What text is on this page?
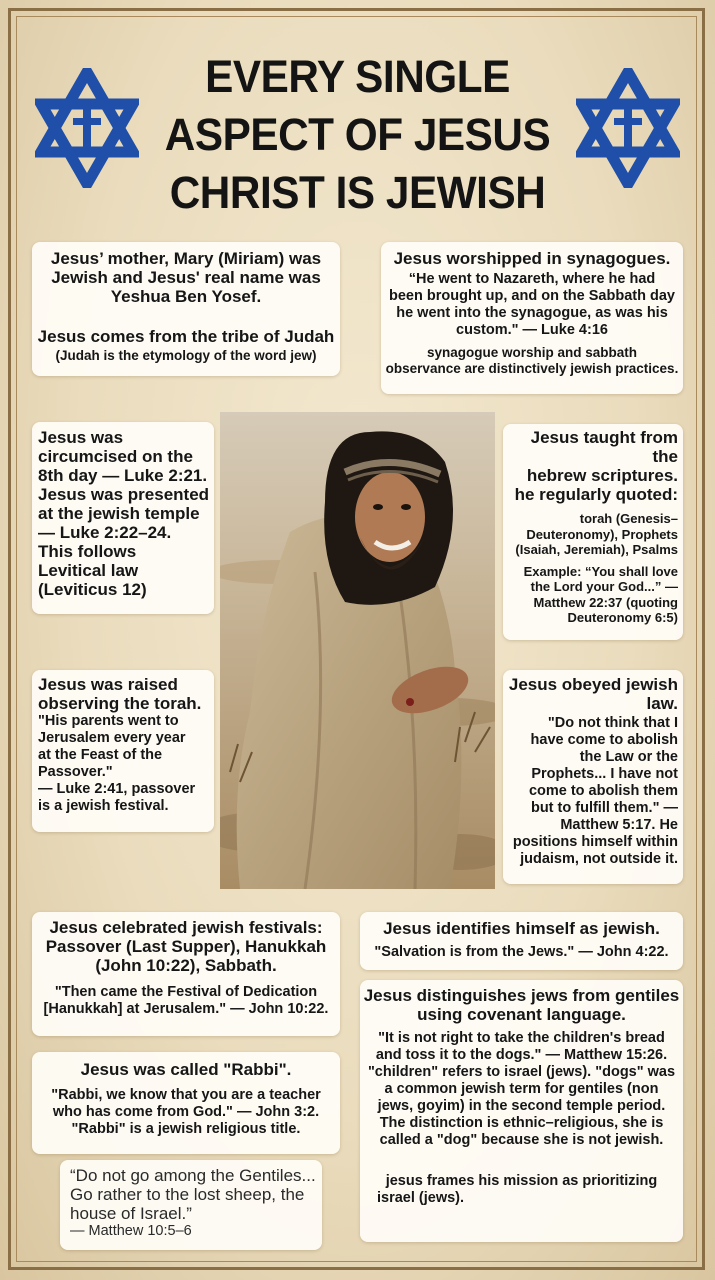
EVERY SINGLE
ASPECT OF JESUS
CHRIST IS JEWISH
Jesus’ mother, Mary (Miriam) was
Jewish and Jesus' real name was
Yeshua Ben Yosef.
Jesus comes from the tribe of Judah
(Judah is the etymology of the word jew)
Jesus worshipped in synagogues.
“He went to Nazareth, where he had
been brought up, and on the Sabbath day
he went into the synagogue, as was his
custom." — Luke 4:16
synagogue worship and sabbath
observance are distinctively jewish practices.
Jesus was
circumcised on the
8th day — Luke 2:21.
Jesus was presented
at the jewish temple
— Luke 2:22–24.
This follows
Levitical law
(Leviticus 12)
Jesus taught from the
hebrew scriptures.
he regularly quoted:
torah (Genesis–
Deuteronomy), Prophets
(Isaiah, Jeremiah), Psalms
Example: “You shall love
the Lord your God...” —
Matthew 22:37 (quoting
Deuteronomy 6:5)
Jesus was raised
observing the torah.
"His parents went to
Jerusalem every year
at the Feast of the
Passover."
— Luke 2:41, passover
is a jewish festival.
Jesus obeyed jewish
law.
"Do not think that I
have come to abolish
the Law or the
Prophets... I have not
come to abolish them
but to fulfill them." —
Matthew 5:17. He
positions himself within
judaism, not outside it.
Jesus celebrated jewish festivals:
Passover (Last Supper), Hanukkah
(John 10:22), Sabbath.
"Then came the Festival of Dedication
[Hanukkah] at Jerusalem." — John 10:22.
Jesus identifies himself as jewish.
"Salvation is from the Jews." — John 4:22.
Jesus was called "Rabbi".
"Rabbi, we know that you are a teacher
who has come from God." — John 3:2.
"Rabbi" is a jewish religious title.
Jesus distinguishes jews from gentiles
using covenant language.
"It is not right to take the children's bread
and toss it to the dogs." — Matthew 15:26.
"children" refers to israel (jews). "dogs" was
a common jewish term for gentiles (non
jews, goyim) in the second temple period.
The distinction is ethnic–religious, she is
called a "dog" because she is not jewish.
jesus frames his mission as prioritizing
israel (jews).
“Do not go among the Gentiles...
Go rather to the lost sheep, the
house of Israel.”
— Matthew 10:5–6
